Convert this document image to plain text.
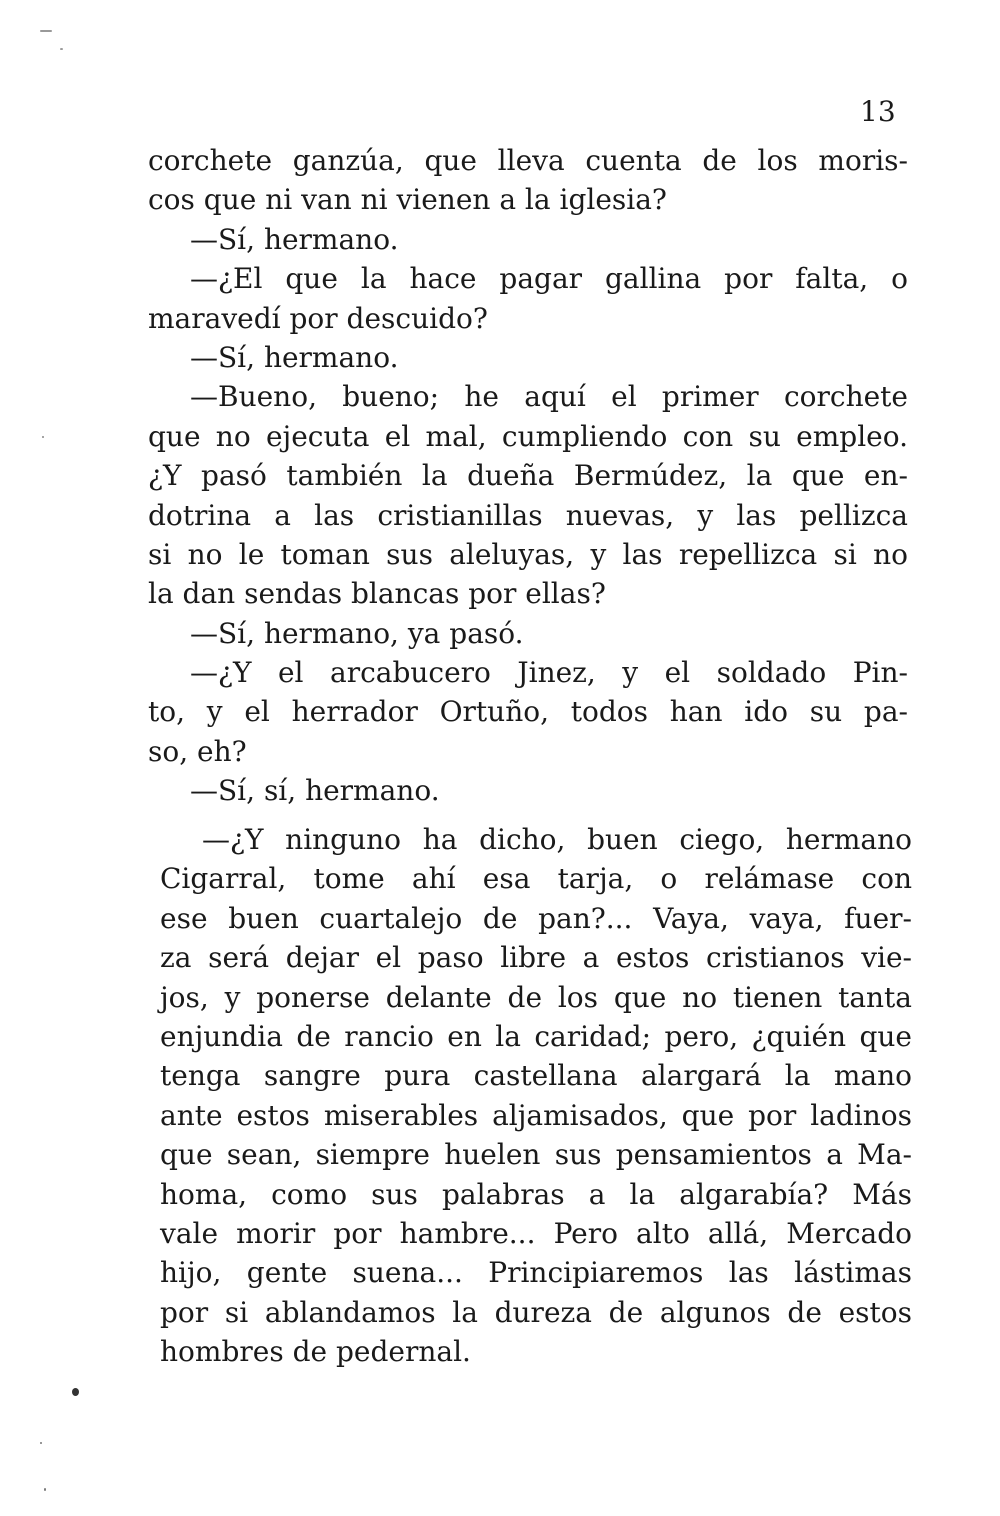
13
corchete ganzúa, que lleva cuenta de los moris-
cos que ni van ni vienen a la iglesia?
—Sí, hermano.
—¿El que la hace pagar gallina por falta, o
maravedí por descuido?
—Sí, hermano.
—Bueno, bueno; he aquí el primer corchete
que no ejecuta el mal, cumpliendo con su empleo.
¿Y pasó también la dueña Bermúdez, la que en-
dotrina a las cristianillas nuevas, y las pellizca
si no le toman sus aleluyas, y las repellizca si no
la dan sendas blancas por ellas?
—Sí, hermano, ya pasó.
—¿Y el arcabucero Jinez, y el soldado Pin-
to, y el herrador Ortuño, todos han ido su pa-
so, eh?
—Sí, sí, hermano.
—¿Y ninguno ha dicho, buen ciego, hermano
Cigarral, tome ahí esa tarja, o relámase con
ese buen cuartalejo de pan?... Vaya, vaya, fuer-
za será dejar el paso libre a estos cristianos vie-
jos, y ponerse delante de los que no tienen tanta
enjundia de rancio en la caridad; pero, ¿quién que
tenga sangre pura castellana alargará la mano
ante estos miserables aljamisados, que por ladinos
que sean, siempre huelen sus pensamientos a Ma-
homa, como sus palabras a la algarabía? Más
vale morir por hambre... Pero alto allá, Mercado
hijo, gente suena... Principiaremos las lástimas
por si ablandamos la dureza de algunos de estos
hombres de pedernal.
